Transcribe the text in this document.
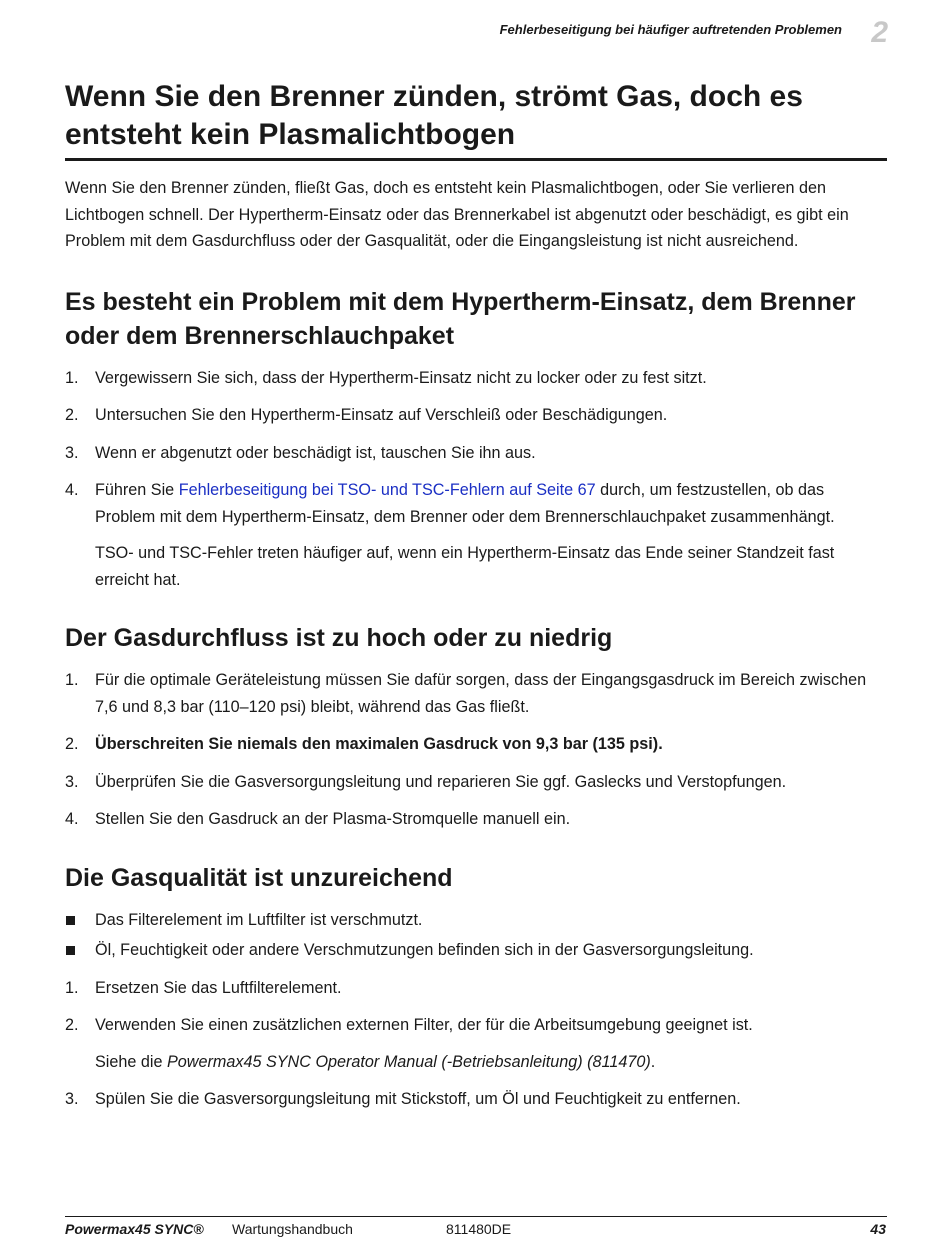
Fehlerbeseitigung bei häufiger auftretenden Problemen 2
Wenn Sie den Brenner zünden, strömt Gas, doch es entsteht kein Plasmalichtbogen

Wenn Sie den Brenner zünden, fließt Gas, doch es entsteht kein Plasmalichtbogen, oder Sie verlieren den Lichtbogen schnell. Der Hypertherm-Einsatz oder das Brennerkabel ist abgenutzt oder beschädigt, es gibt ein Problem mit dem Gasdurchfluss oder der Gasqualität, oder die Eingangsleistung ist nicht ausreichend.

Es besteht ein Problem mit dem Hypertherm-Einsatz, dem Brenner oder dem Brennerschlauchpaket
1. Vergewissern Sie sich, dass der Hypertherm-Einsatz nicht zu locker oder zu fest sitzt.
2. Untersuchen Sie den Hypertherm-Einsatz auf Verschleiß oder Beschädigungen.
3. Wenn er abgenutzt oder beschädigt ist, tauschen Sie ihn aus.
4. Führen Sie Fehlerbeseitigung bei TSO- und TSC-Fehlern auf Seite 67 durch, um festzustellen, ob das Problem mit dem Hypertherm-Einsatz, dem Brenner oder dem Brennerschlauchpaket zusammenhängt.

TSO- und TSC-Fehler treten häufiger auf, wenn ein Hypertherm-Einsatz das Ende seiner Standzeit fast erreicht hat.

Der Gasdurchfluss ist zu hoch oder zu niedrig
1. Für die optimale Geräteleistung müssen Sie dafür sorgen, dass der Eingangsgasdruck im Bereich zwischen 7,6 und 8,3 bar (110–120 psi) bleibt, während das Gas fließt.
2. Überschreiten Sie niemals den maximalen Gasdruck von 9,3 bar (135 psi).
3. Überprüfen Sie die Gasversorgungsleitung und reparieren Sie ggf. Gaslecks und Verstopfungen.
4. Stellen Sie den Gasdruck an der Plasma-Stromquelle manuell ein.
Die Gasqualität ist unzureichend
Das Filterelement im Luftfilter ist verschmutzt.
Öl, Feuchtigkeit oder andere Verschmutzungen befinden sich in der Gasversorgungsleitung.
1. Ersetzen Sie das Luftfilterelement.
2. Verwenden Sie einen zusätzlichen externen Filter, der für die Arbeitsumgebung geeignet ist.

Siehe die Powermax45 SYNC Operator Manual (-Betriebsanleitung) (811470).

3. Spülen Sie die Gasversorgungsleitung mit Stickstoff, um Öl und Feuchtigkeit zu entfernen.
Powermax45 SYNC® Wartungshandbuch	811480DE	43
